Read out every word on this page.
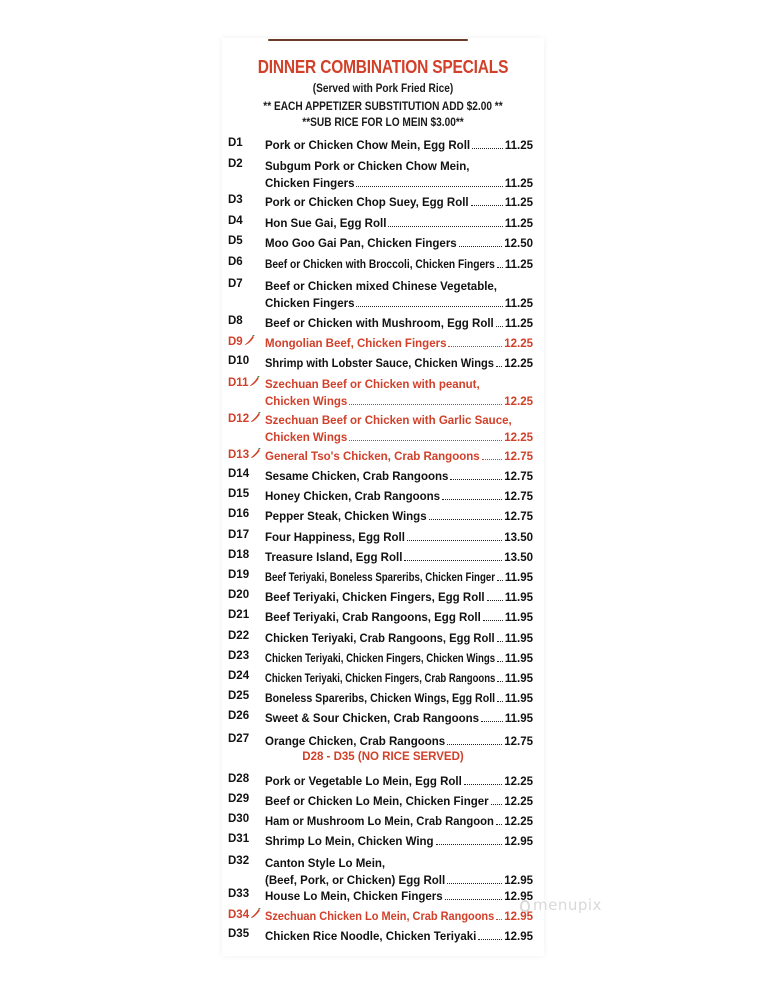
DINNER COMBINATION SPECIALS
(Served with Pork Fried Rice)
** EACH APPETIZER SUBSTITUTION ADD $2.00 **
**SUB RICE FOR LO MEIN $3.00**
D1	Pork or Chicken Chow Mein, Egg Roll	11.25
D2	Subgum Pork or Chicken Chow Mein,
Chicken Fingers	11.25
D3	Pork or Chicken Chop Suey, Egg Roll	11.25
D4	Hon Sue Gai, Egg Roll	11.25
D5	Moo Goo Gai Pan, Chicken Fingers	12.50
D6	Beef or Chicken with Broccoli, Chicken Fingers 11.25
D7	Beef or Chicken mixed Chinese Vegetable,
Chicken Fingers	11.25
D8	Beef or Chicken with Mushroom, Egg Roll 11.25
D9	Mongolian Beef, Chicken Fingers	12.25
D10	Shrimp with Lobster Sauce, Chicken Wings 12.25
D11	Szechuan Beef or Chicken with peanut,
Chicken Wings	12.25
D12	Szechuan Beef or Chicken with Garlic Sauce,
Chicken Wings	12.25
D13	General Tso's Chicken, Crab Rangoons 12.75
D14	Sesame Chicken, Crab Rangoons	12.75
D15	Honey Chicken, Crab Rangoons	12.75
D16	Pepper Steak, Chicken Wings	12.75
D17	Four Happiness, Egg Roll	13.50
D18	Treasure Island, Egg Roll	13.50
D19	Beef Teriyaki, Boneless Spareribs, Chicken Finger 11.95
D20	Beef Teriyaki, Chicken Fingers, Egg Roll 11.95
D21	Beef Teriyaki, Crab Rangoons, Egg Roll 11.95
D22	Chicken Teriyaki, Crab Rangoons, Egg Roll 11.95
D23	Chicken Teriyaki, Chicken Fingers, Chicken Wings 11.95
D24	Chicken Teriyaki, Chicken Fingers, Crab Rangoons 11.95
D25	Boneless Spareribs, Chicken Wings, Egg Roll 11.95
D26	Sweet & Sour Chicken, Crab Rangoons 11.95
D27	Orange Chicken, Crab Rangoons	12.75
D28	Pork or Vegetable Lo Mein, Egg Roll	12.25
D29	Beef or Chicken Lo Mein, Chicken Finger 12.25
D30	Ham or Mushroom Lo Mein, Crab Rangoon 12.25
D31	Shrimp Lo Mein, Chicken Wing	12.95
D32	Canton Style Lo Mein,
(Beef, Pork, or Chicken) Egg Roll	12.95
D33	House Lo Mein, Chicken Fingers	12.95
D34	Szechuan Chicken Lo Mein, Crab Rangoons 12.95
D35	Chicken Rice Noodle, Chicken Teriyaki 12.95
D28 - D35 (NO RICE SERVED)
menupix
